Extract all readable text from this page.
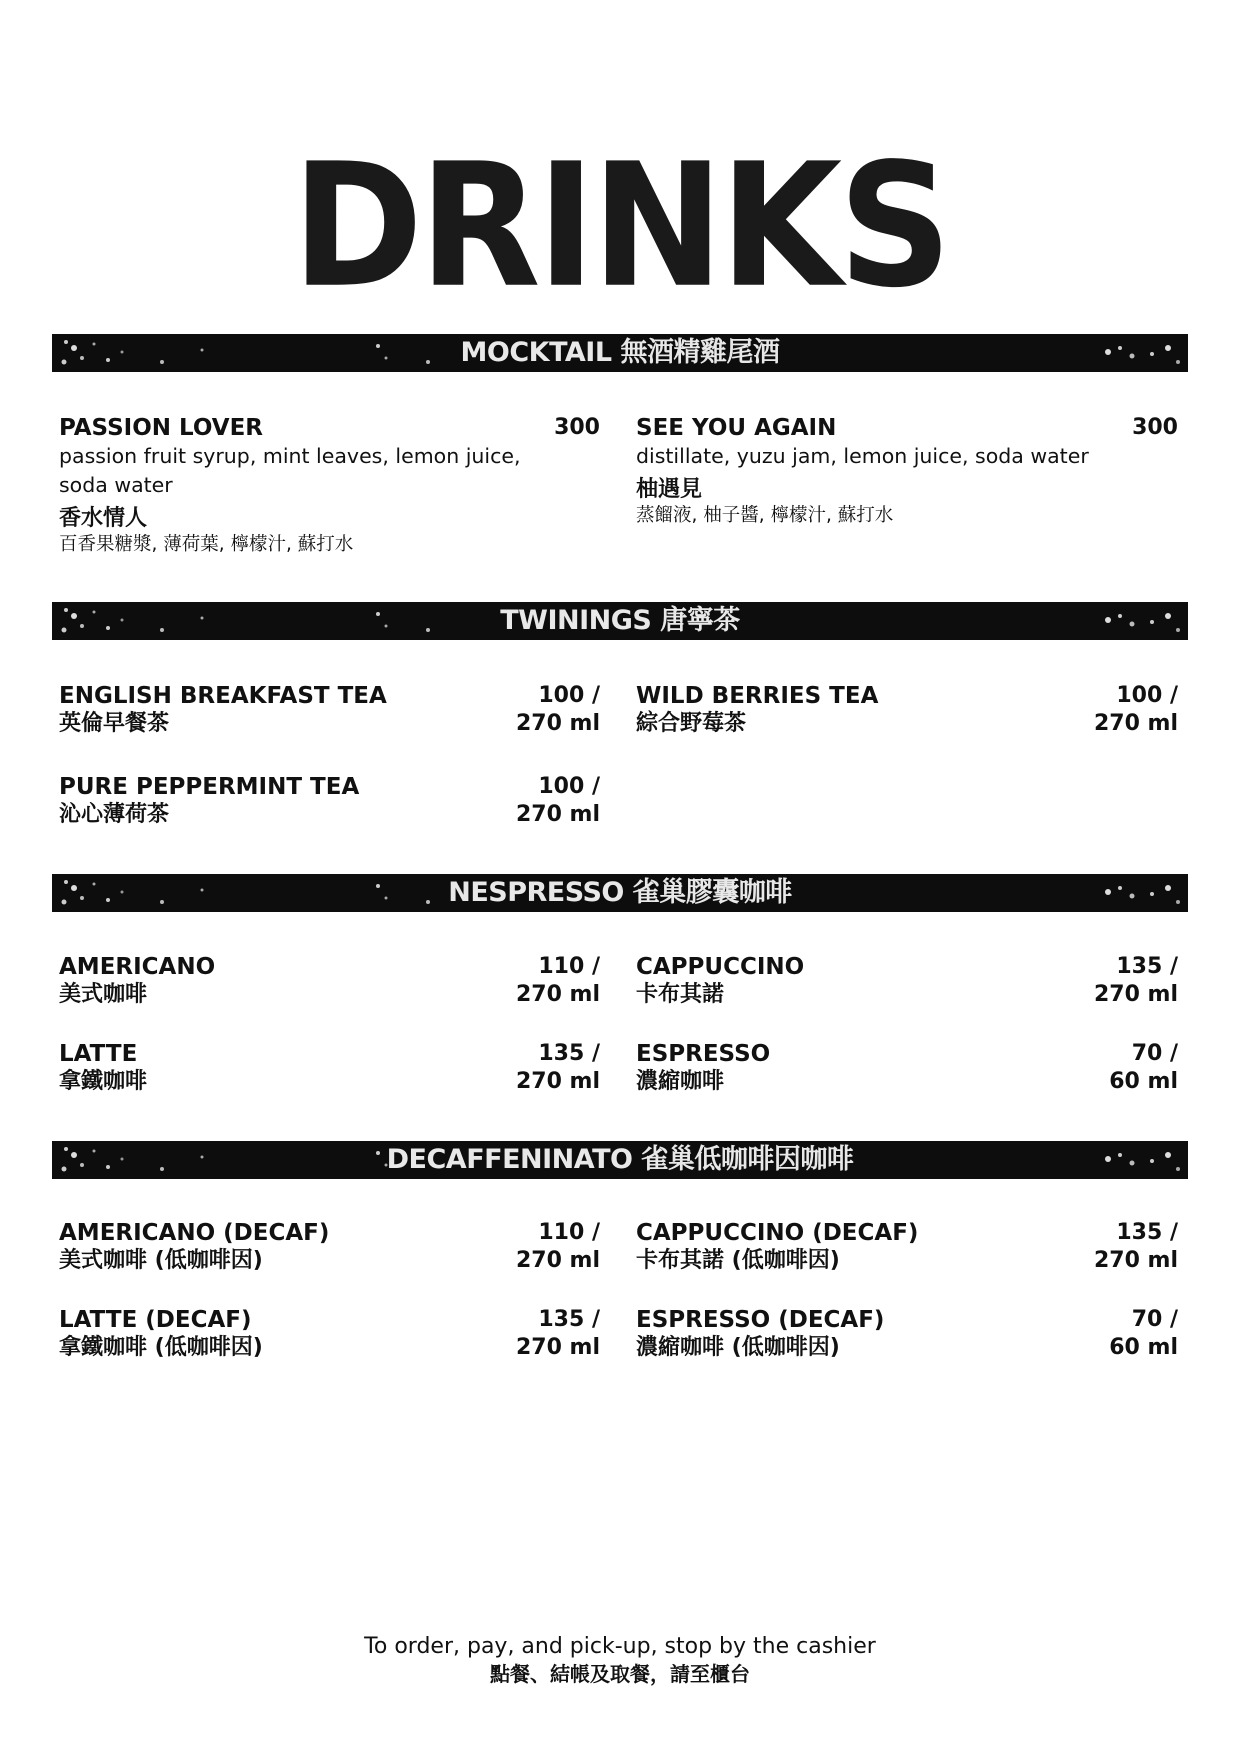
DRINKS
MOCKTAIL 無酒精雞尾酒
PASSION LOVER	300
passion fruit syrup, mint leaves, lemon juice, soda water
香水情人
百香果糖漿, 薄荷葉, 檸檬汁, 蘇打水
SEE YOU AGAIN	300
distillate, yuzu jam, lemon juice, soda water
柚遇見
蒸餾液, 柚子醬, 檸檬汁, 蘇打水
TWININGS 唐寧茶
ENGLISH BREAKFAST TEA
英倫早餐茶
100 /
270 ml
WILD BERRIES TEA
綜合野莓茶
100 /
270 ml
PURE PEPPERMINT TEA
沁心薄荷茶
100 /
270 ml
NESPRESSO 雀巢膠囊咖啡
AMERICANO
美式咖啡
110 /
270 ml
CAPPUCCINO
卡布其諾
135 /
270 ml
LATTE
拿鐵咖啡
135 /
270 ml
ESPRESSO
濃縮咖啡
70 /
60 ml
DECAFFENINATO 雀巢低咖啡因咖啡
AMERICANO (DECAF)
美式咖啡 (低咖啡因)
110 /
270 ml
CAPPUCCINO (DECAF)
卡布其諾 (低咖啡因)
135 /
270 ml
LATTE (DECAF)
拿鐵咖啡 (低咖啡因)
135 /
270 ml
ESPRESSO (DECAF)
濃縮咖啡 (低咖啡因)
70 /
60 ml
To order, pay, and pick-up, stop by the cashier
點餐、結帳及取餐，請至櫃台
